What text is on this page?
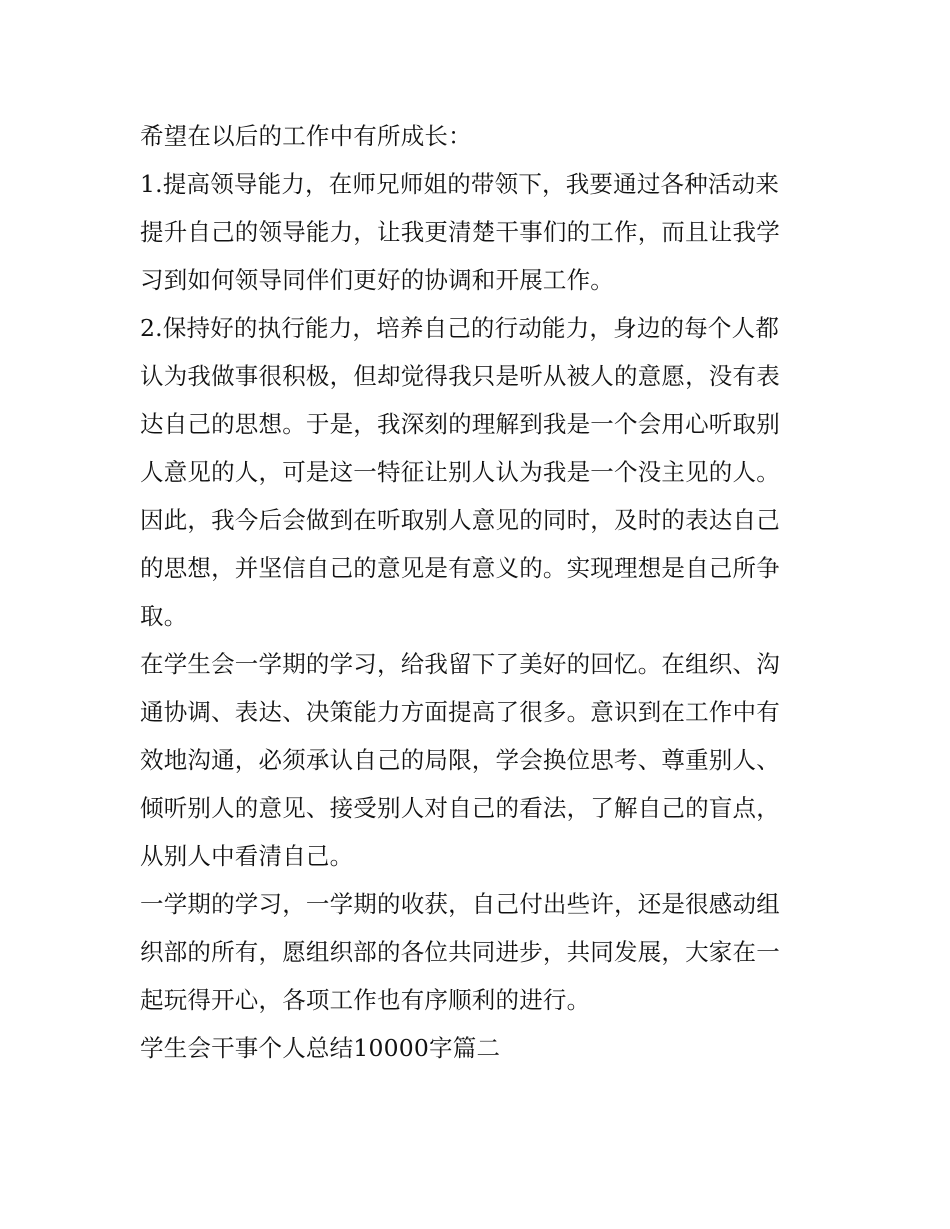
希望在以后的工作中有所成长：
1.提高领导能力，在师兄师姐的带领下，我要通过各种活动来
提升自己的领导能力，让我更清楚干事们的工作，而且让我学
习到如何领导同伴们更好的协调和开展工作。
2.保持好的执行能力，培养自己的行动能力，身边的每个人都
认为我做事很积极，但却觉得我只是听从被人的意愿，没有表
达自己的思想。于是，我深刻的理解到我是一个会用心听取别
人意见的人，可是这一特征让别人认为我是一个没主见的人。
因此，我今后会做到在听取别人意见的同时，及时的表达自己
的思想，并坚信自己的意见是有意义的。实现理想是自己所争
取。
在学生会一学期的学习，给我留下了美好的回忆。在组织、沟
通协调、表达、决策能力方面提高了很多。意识到在工作中有
效地沟通，必须承认自己的局限，学会换位思考、尊重别人、
倾听别人的意见、接受别人对自己的看法，了解自己的盲点，
从别人中看清自己。
一学期的学习，一学期的收获，自己付出些许，还是很感动组
织部的所有，愿组织部的各位共同进步，共同发展，大家在一
起玩得开心，各项工作也有序顺利的进行。
学生会干事个人总结10000字篇二
